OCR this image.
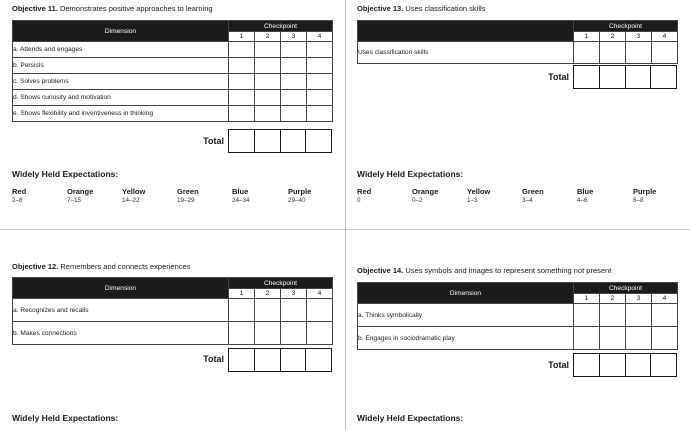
Objective 11. Demonstrates positive approaches to learning
Dimension	Checkpoint			
	1	2	3	4
a. Attends and engages				
b. Persists				
c. Solves problems				
d. Shows curiosity and motivation				
e. Shows flexibility and inventiveness in thinking				
Total
Widely Held Expectations:
Red
2–8
Orange
7–15
Yellow
14–22
Green
19–29
Blue
24–34
Purple
29–40
Objective 13. Uses classification skills
	Checkpoint			
	1	2	3	4
Uses classification skills				
Total
Widely Held Expectations:
Red
0
Orange
0–2
Yellow
1–3
Green
3–4
Blue
4–6
Purple
6–8
Objective 12. Remembers and connects experiences
Dimension	Checkpoint			
	1	2	3	4
a. Recognizes and recalls				
b. Makes connections				
Total
Widely Held Expectations:
Objective 14. Uses symbols and images to represent something not present
Dimension	Checkpoint			
	1	2	3	4
a. Thinks symbolically				
b. Engages in sociodramatic play				
Total
Widely Held Expectations:
